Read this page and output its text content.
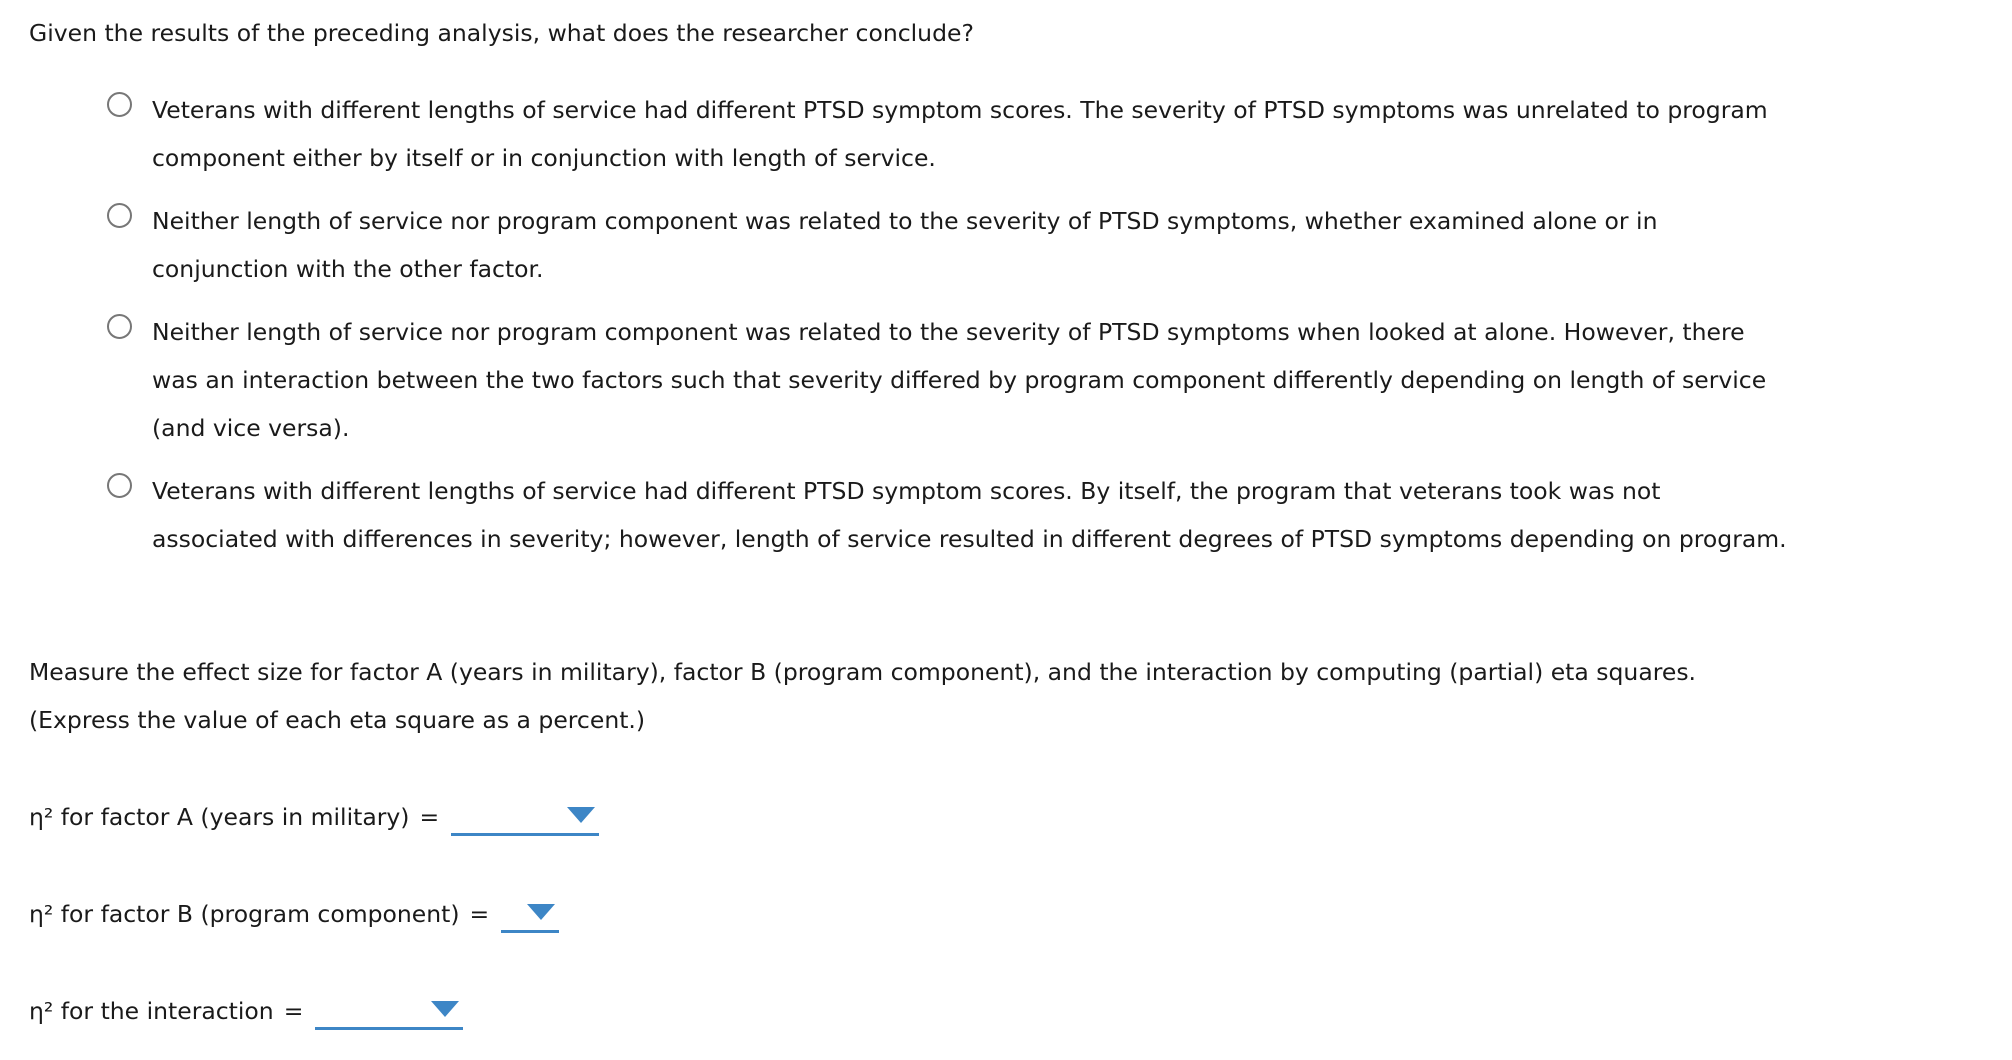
Given the results of the preceding analysis, what does the researcher conclude?
Veterans with different lengths of service had different PTSD symptom scores. The severity of PTSD symptoms was unrelated to program
component either by itself or in conjunction with length of service.
Neither length of service nor program component was related to the severity of PTSD symptoms, whether examined alone or in
conjunction with the other factor.
Neither length of service nor program component was related to the severity of PTSD symptoms when looked at alone. However, there
was an interaction between the two factors such that severity differed by program component differently depending on length of service
(and vice versa).
Veterans with different lengths of service had different PTSD symptom scores. By itself, the program that veterans took was not
associated with differences in severity; however, length of service resulted in different degrees of PTSD symptoms depending on program.
Measure the effect size for factor A (years in military), factor B (program component), and the interaction by computing (partial) eta squares.
(Express the value of each eta square as a percent.)
η² for factor A (years in military) =
η² for factor B (program component) =
η² for the interaction =
